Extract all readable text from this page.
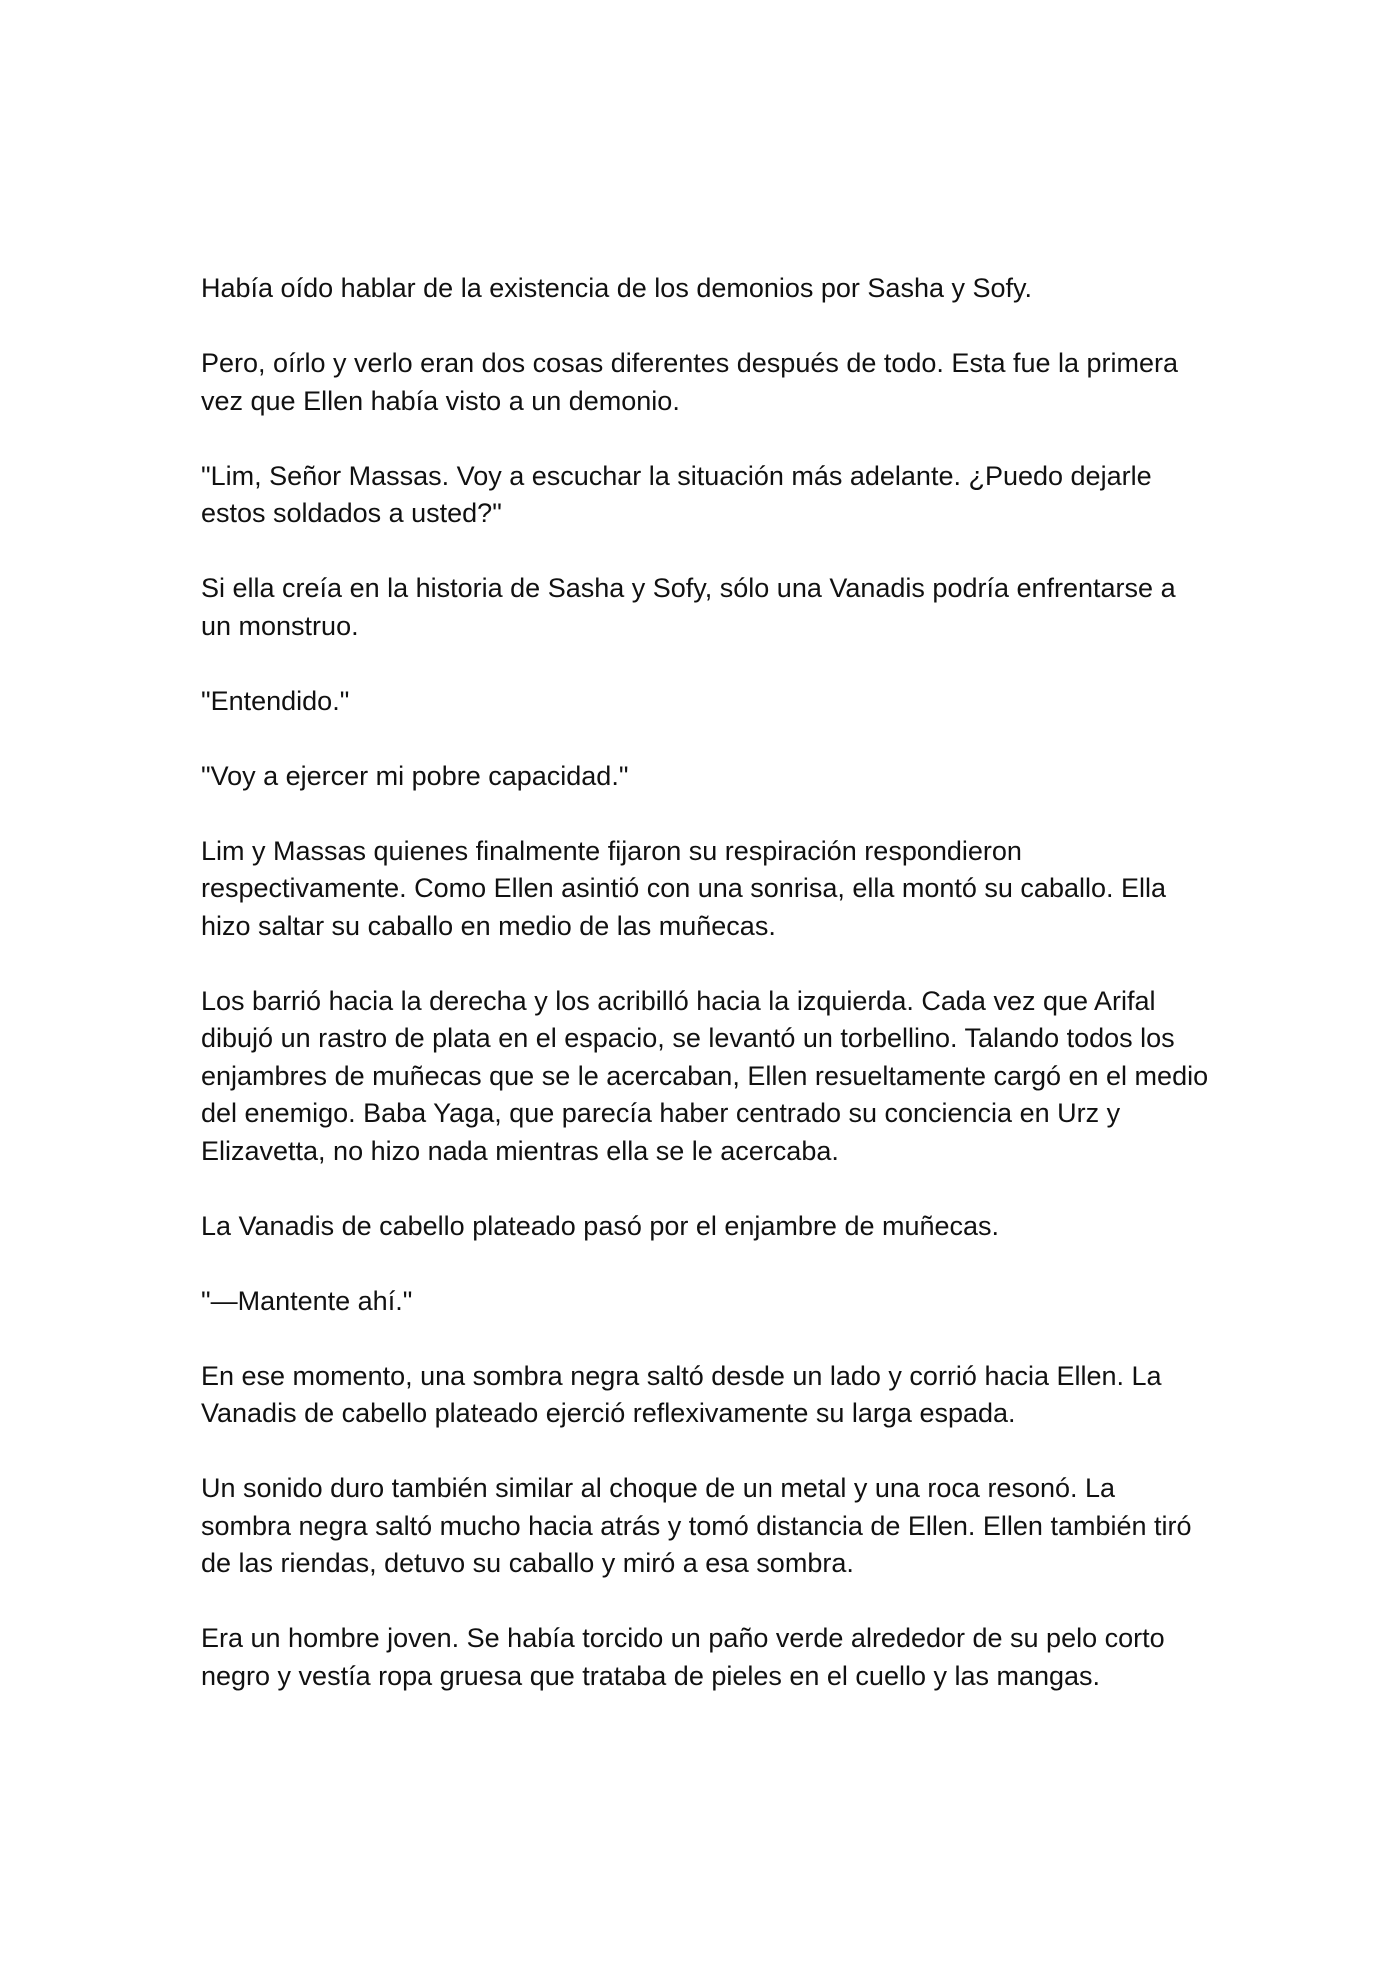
Había oído hablar de la existencia de los demonios por Sasha y Sofy.

Pero, oírlo y verlo eran dos cosas diferentes después de todo. Esta fue la primera vez que Ellen había visto a un demonio.

"Lim, Señor Massas. Voy a escuchar la situación más adelante. ¿Puedo dejarle estos soldados a usted?"

Si ella creía en la historia de Sasha y Sofy, sólo una Vanadis podría enfrentarse a un monstruo.

"Entendido."

"Voy a ejercer mi pobre capacidad."

Lim y Massas quienes finalmente fijaron su respiración respondieron respectivamente. Como Ellen asintió con una sonrisa, ella montó su caballo. Ella hizo saltar su caballo en medio de las muñecas.

Los barrió hacia la derecha y los acribilló hacia la izquierda. Cada vez que Arifal dibujó un rastro de plata en el espacio, se levantó un torbellino. Talando todos los enjambres de muñecas que se le acercaban, Ellen resueltamente cargó en el medio del enemigo. Baba Yaga, que parecía haber centrado su conciencia en Urz y Elizavetta, no hizo nada mientras ella se le acercaba.

La Vanadis de cabello plateado pasó por el enjambre de muñecas.

"—Mantente ahí."

En ese momento, una sombra negra saltó desde un lado y corrió hacia Ellen. La Vanadis de cabello plateado ejerció reflexivamente su larga espada.

Un sonido duro también similar al choque de un metal y una roca resonó. La sombra negra saltó mucho hacia atrás y tomó distancia de Ellen. Ellen también tiró de las riendas, detuvo su caballo y miró a esa sombra.

Era un hombre joven. Se había torcido un paño verde alrededor de su pelo corto negro y vestía ropa gruesa que trataba de pieles en el cuello y las mangas.
